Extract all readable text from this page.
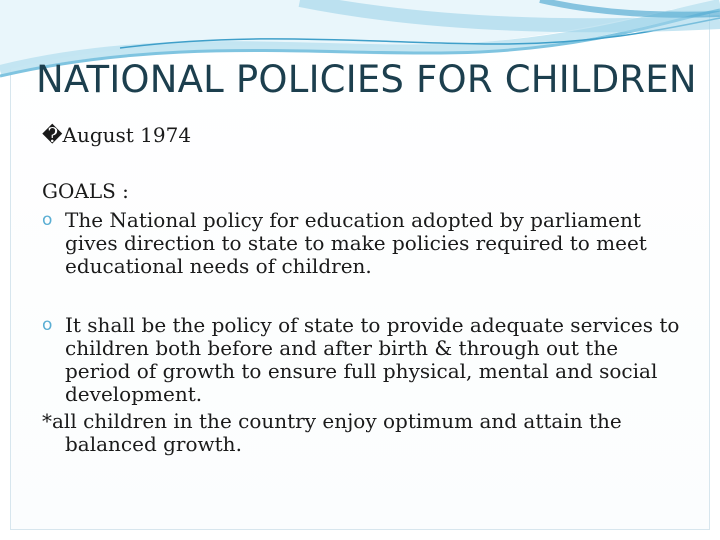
NATIONAL POLICIES FOR CHILDREN
�August 1974
GOALS :
o The National policy for education adopted by parliament gives direction to state to make policies required to meet educational needs of children.
o It shall be the policy of state to provide adequate services to children both before and after birth & through out the period of growth to ensure full physical, mental and social development.
*all children in the country enjoy optimum and attain the balanced growth.
